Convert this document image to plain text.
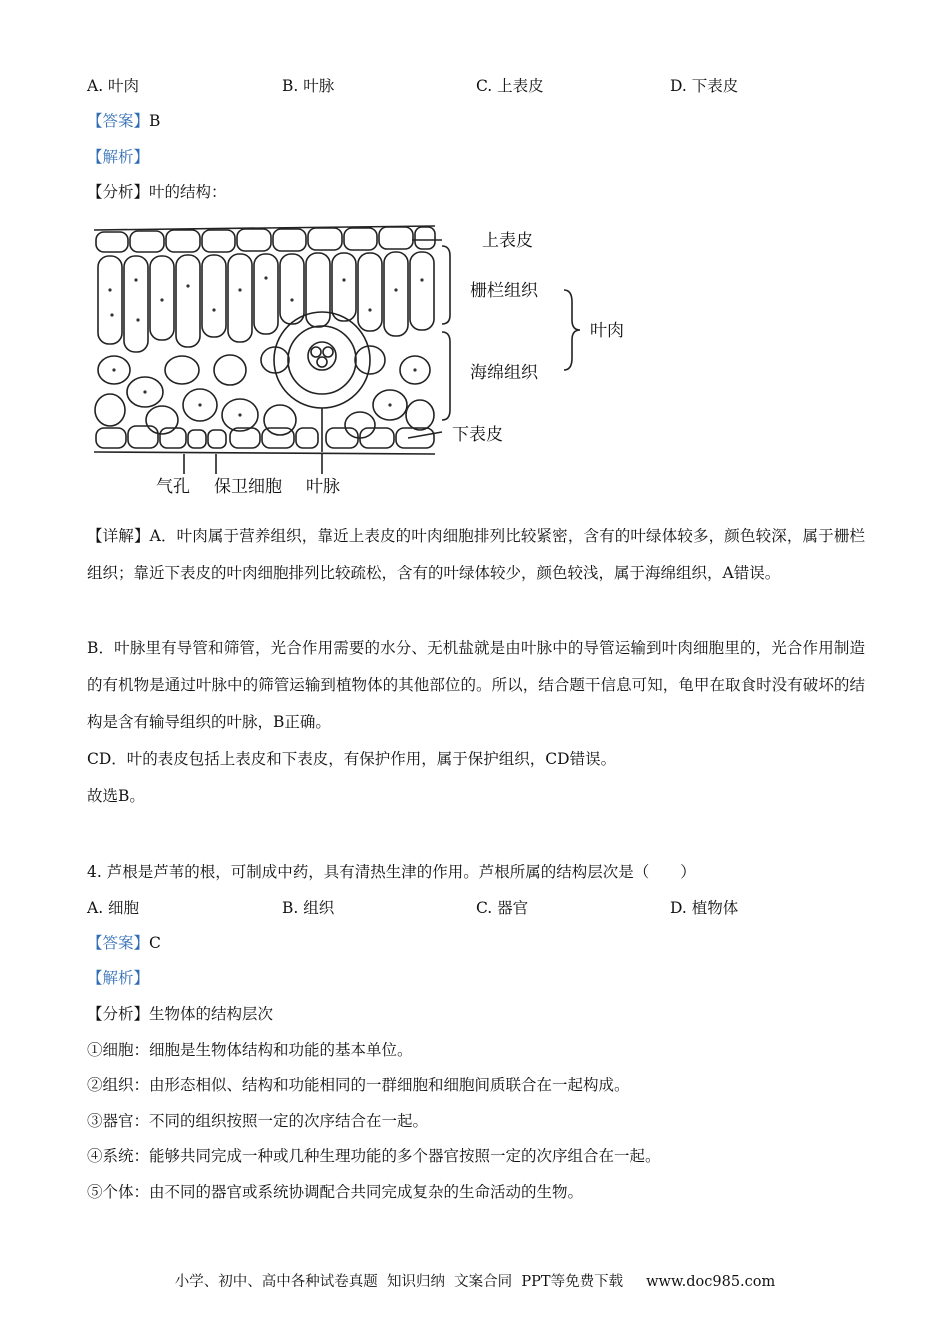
A. 叶肉	B. 叶脉	C. 上表皮	D. 下表皮
【答案】B
【解析】
【分析】叶的结构：
上表皮
栅栏组织
叶肉
海绵组织
下表皮
气孔 保卫细胞 叶脉
【详解】A．叶肉属于营养组织，靠近上表皮的叶肉细胞排列比较紧密，含有的叶绿体较多，颜色较深，属于栅栏组织；靠近下表皮的叶肉细胞排列比较疏松，含有的叶绿体较少，颜色较浅，属于海绵组织，A错误。
B．叶脉里有导管和筛管，光合作用需要的水分、无机盐就是由叶脉中的导管运输到叶肉细胞里的，光合作用制造的有机物是通过叶脉中的筛管运输到植物体的其他部位的。所以，结合题干信息可知，龟甲在取食时没有破坏的结构是含有输导组织的叶脉，B正确。
CD．叶的表皮包括上表皮和下表皮，有保护作用，属于保护组织，CD错误。
故选B。
4. 芦根是芦苇的根，可制成中药，具有清热生津的作用。芦根所属的结构层次是（　　）
A. 细胞	B. 组织	C. 器官	D. 植物体
【答案】C
【解析】
【分析】生物体的结构层次
①细胞：细胞是生物体结构和功能的基本单位。
②组织：由形态相似、结构和功能相同的一群细胞和细胞间质联合在一起构成。
③器官：不同的组织按照一定的次序结合在一起。
④系统：能够共同完成一种或几种生理功能的多个器官按照一定的次序组合在一起。
⑤个体：由不同的器官或系统协调配合共同完成复杂的生命活动的生物。
小学、初中、高中各种试卷真题  知识归纳  文案合同  PPT等免费下载     www.doc985.com
